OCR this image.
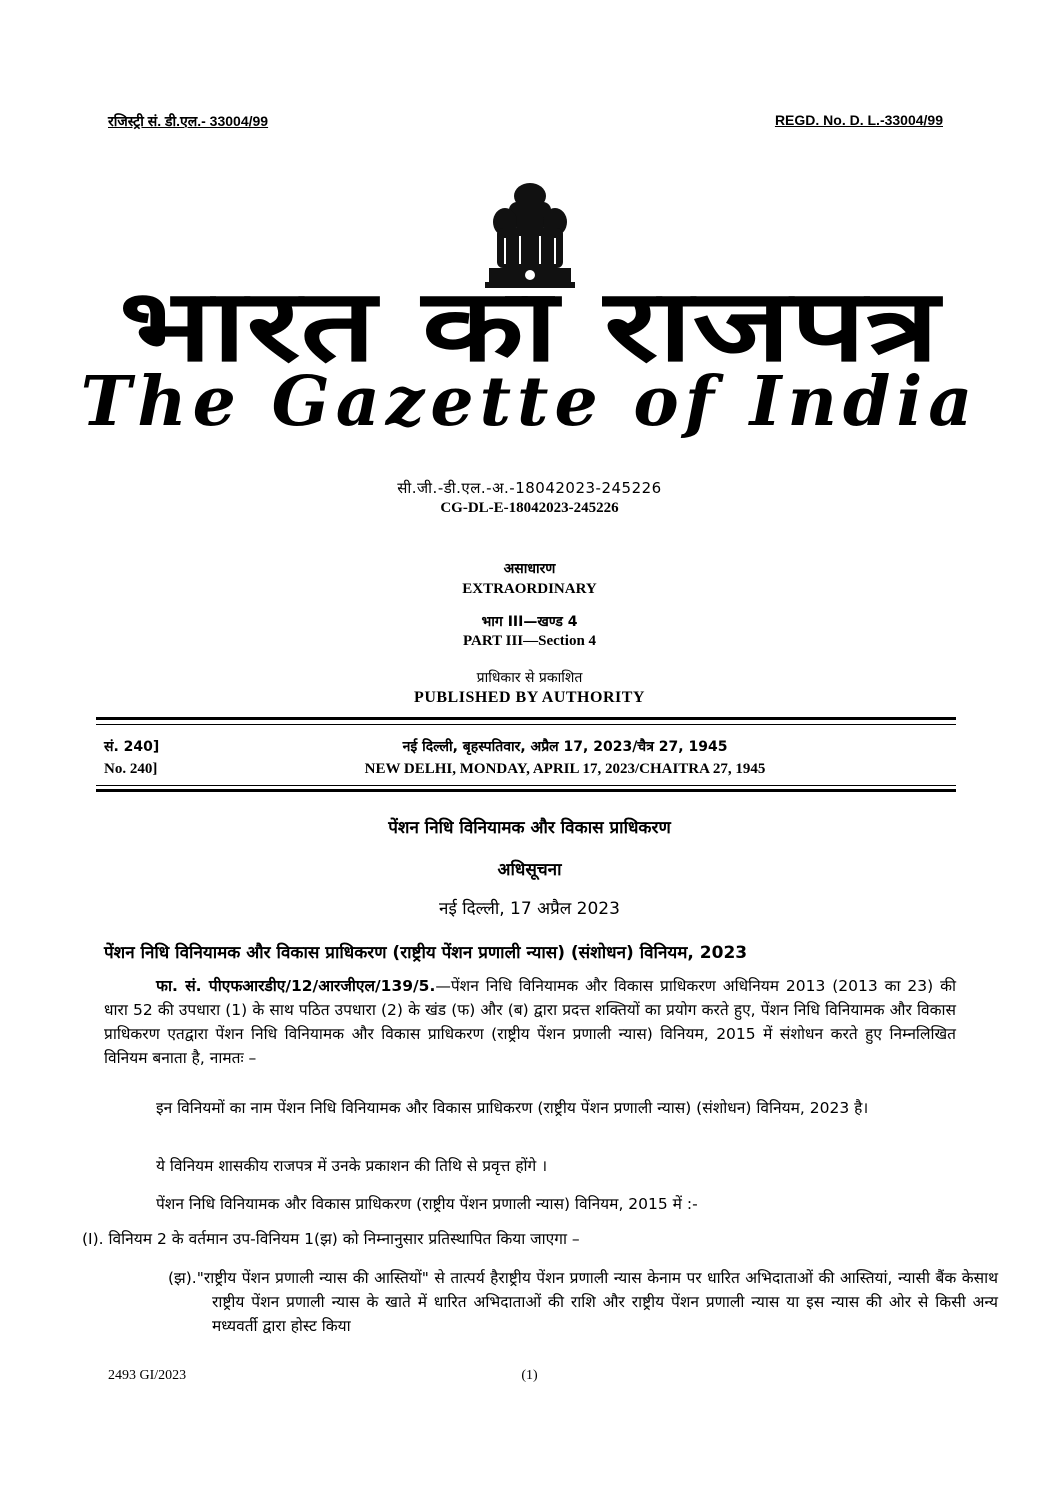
रजिस्ट्री सं. डी.एल.- 33004/99	REGD. No. D. L.-33004/99
भारत का राजपत्र
The Gazette of India
सी.जी.-डी.एल.-अ.-18042023-245226
CG-DL-E-18042023-245226
असाधारण
EXTRAORDINARY
भाग III—खण्ड 4
PART III—Section 4
प्राधिकार से प्रकाशित
PUBLISHED BY AUTHORITY
सं. 240]	नई दिल्ली, बृहस्पतिवार, अप्रैल 17, 2023/चैत्र 27, 1945
No. 240]	NEW DELHI, MONDAY, APRIL 17, 2023/CHAITRA 27, 1945
पेंशन निधि विनियामक और विकास प्राधिकरण
अधिसूचना
नई दिल्ली, 17 अप्रैल 2023
पेंशन निधि विनियामक और विकास प्राधिकरण (राष्ट्रीय पेंशन प्रणाली न्यास) (संशोधन) विनियम, 2023
फा. सं. पीएफआरडीए/12/आरजीएल/139/5.—पेंशन निधि विनियामक और विकास प्राधिकरण अधिनियम 2013 (2013 का 23) की धारा 52 की उपधारा (1) के साथ पठित उपधारा (2) के खंड (फ) और (ब) द्वारा प्रदत्त शक्तियों का प्रयोग करते हुए, पेंशन निधि विनियामक और विकास प्राधिकरण एतद्वारा पेंशन निधि विनियामक और विकास प्राधिकरण (राष्ट्रीय पेंशन प्रणाली न्यास) विनियम, 2015 में संशोधन करते हुए निम्नलिखित विनियम बनाता है, नामतः –
इन विनियमों का नाम पेंशन निधि विनियामक और विकास प्राधिकरण (राष्ट्रीय पेंशन प्रणाली न्यास) (संशोधन) विनियम, 2023 है।
ये विनियम शासकीय राजपत्र में उनके प्रकाशन की तिथि से प्रवृत्त होंगे ।
पेंशन निधि विनियामक और विकास प्राधिकरण (राष्ट्रीय पेंशन प्रणाली न्यास) विनियम, 2015 में :-
(I). विनियम 2 के वर्तमान उप-विनियम 1(झ) को निम्नानुसार प्रतिस्थापित किया जाएगा –
(झ)."राष्ट्रीय पेंशन प्रणाली न्यास की आस्तियों" से तात्पर्य हैराष्ट्रीय पेंशन प्रणाली न्यास केनाम पर धारित अभिदाताओं की आस्तियां, न्यासी बैंक केसाथ राष्ट्रीय पेंशन प्रणाली न्यास के खाते में धारित अभिदाताओं की राशि और राष्ट्रीय पेंशन प्रणाली न्यास या इस न्यास की ओर से किसी अन्य मध्यवर्ती द्वारा होस्ट किया
2493 GI/2023	(1)
